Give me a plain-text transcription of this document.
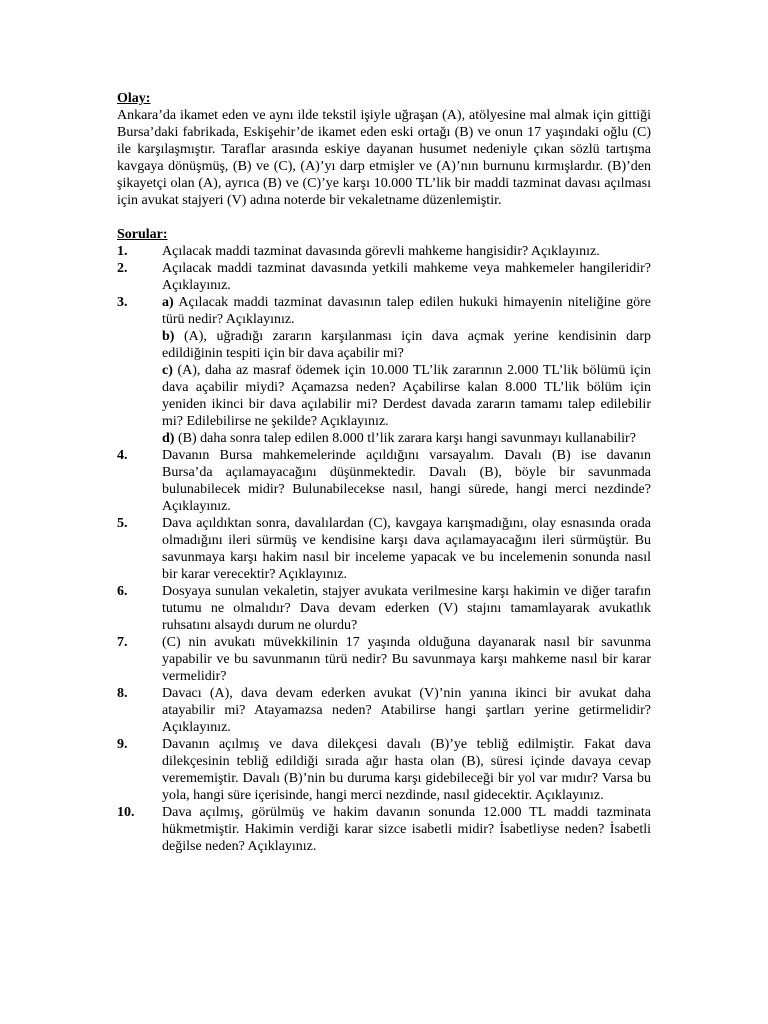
Olay:

Ankara’da ikamet eden ve aynı ilde tekstil işiyle uğraşan (A), atölyesine mal almak için gittiği Bursa’daki fabrikada, Eskişehir’de ikamet eden eski ortağı (B) ve onun 17 yaşındaki oğlu (C) ile karşılaşmıştır. Taraflar arasında eskiye dayanan husumet nedeniyle çıkan sözlü tartışma kavgaya dönüşmüş, (B) ve (C), (A)’yı darp etmişler ve (A)’nın burnunu kırmışlardır. (B)’den şikayetçi olan (A), ayrıca (B) ve (C)’ye karşı 10.000 TL’lik bir maddi tazminat davası açılması için avukat stajyeri (V) adına noterde bir vekaletname düzenlemiştir.

Sorular:

1.	Açılacak maddi tazminat davasında görevli mahkeme hangisidir? Açıklayınız.
2.	Açılacak maddi tazminat davasında yetkili mahkeme veya mahkemeler hangileridir? Açıklayınız.
3.	a) Açılacak maddi tazminat davasının talep edilen hukuki himayenin niteliğine göre türü nedir? Açıklayınız.
b) (A), uğradığı zararın karşılanması için dava açmak yerine kendisinin darp edildiğinin tespiti için bir dava açabilir mi?
c) (A), daha az masraf ödemek için 10.000 TL’lik zararının 2.000 TL’lik bölümü için dava açabilir miydi? Açamazsa neden? Açabilirse kalan 8.000 TL’lik bölüm için yeniden ikinci bir dava açılabilir mi? Derdest davada zararın tamamı talep edilebilir mi? Edilebilirse ne şekilde? Açıklayınız.
d) (B) daha sonra talep edilen 8.000 tl’lik zarara karşı hangi savunmayı kullanabilir?
4.	Davanın Bursa mahkemelerinde açıldığını varsayalım. Davalı (B) ise davanın Bursa’da açılamayacağını düşünmektedir. Davalı (B), böyle bir savunmada bulunabilecek midir? Bulunabilecekse nasıl, hangi sürede, hangi merci nezdinde? Açıklayınız.
5.	Dava açıldıktan sonra, davalılardan (C), kavgaya karışmadığını, olay esnasında orada olmadığını ileri sürmüş ve kendisine karşı dava açılamayacağını ileri sürmüştür. Bu savunmaya karşı hakim nasıl bir inceleme yapacak ve bu incelemenin sonunda nasıl bir karar verecektir? Açıklayınız.
6.	Dosyaya sunulan vekaletin, stajyer avukata verilmesine karşı hakimin ve diğer tarafın tutumu ne olmalıdır? Dava devam ederken (V) stajını tamamlayarak avukatlık ruhsatını alsaydı durum ne olurdu?
7.	(C) nin avukatı müvekkilinin 17 yaşında olduğuna dayanarak nasıl bir savunma yapabilir ve bu savunmanın türü nedir? Bu savunmaya karşı mahkeme nasıl bir karar vermelidir?
8.	Davacı (A), dava devam ederken avukat (V)’nin yanına ikinci bir avukat daha atayabilir mi? Atayamazsa neden? Atabilirse hangi şartları yerine getirmelidir? Açıklayınız.
9.	Davanın açılmış ve dava dilekçesi davalı (B)’ye tebliğ edilmiştir. Fakat dava dilekçesinin tebliğ edildiği sırada ağır hasta olan (B), süresi içinde davaya cevap verememiştir. Davalı (B)’nin bu duruma karşı gidebileceği bir yol var mıdır? Varsa bu yola, hangi süre içerisinde, hangi merci nezdinde, nasıl gidecektir. Açıklayınız.
10.	Dava açılmış, görülmüş ve hakim davanın sonunda 12.000 TL maddi tazminata hükmetmiştir. Hakimin verdiği karar sizce isabetli midir? İsabetliyse neden? İsabetli değilse neden? Açıklayınız.
